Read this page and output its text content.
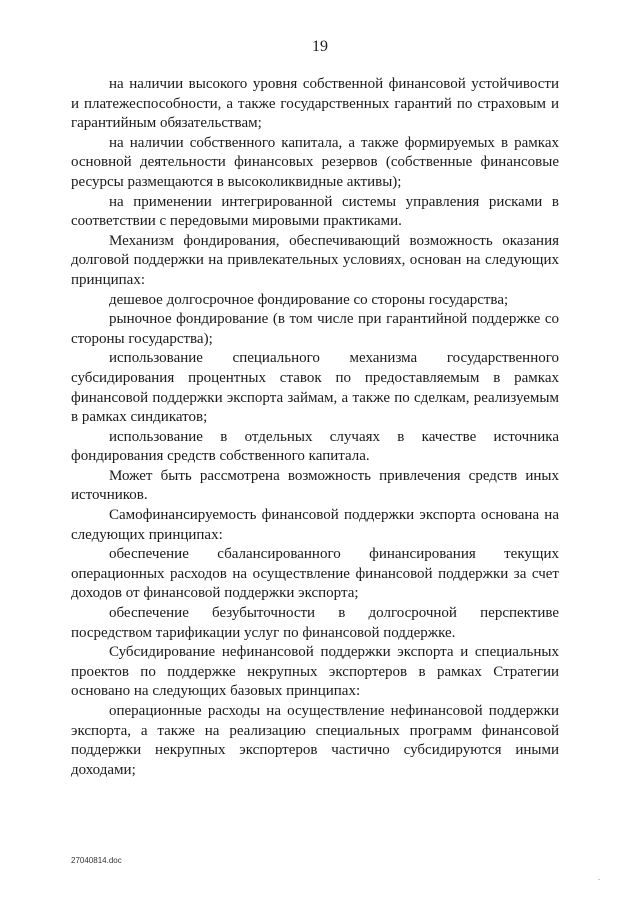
19

на наличии высокого уровня собственной финансовой устойчивости и платежеспособности, а также государственных гарантий по страховым и гарантийным обязательствам;

на наличии собственного капитала, а также формируемых в рамках основной деятельности финансовых резервов (собственные финансовые ресурсы размещаются в высоколиквидные активы);

на применении интегрированной системы управления рисками в соответствии с передовыми мировыми практиками.

Механизм фондирования, обеспечивающий возможность оказания долговой поддержки на привлекательных условиях, основан на следующих принципах:

дешевое долгосрочное фондирование со стороны государства;

рыночное фондирование (в том числе при гарантийной поддержке со стороны государства);

использование специального механизма государственного субсидирования процентных ставок по предоставляемым в рамках финансовой поддержки экспорта займам, а также по сделкам, реализуемым в рамках синдикатов;

использование в отдельных случаях в качестве источника фондирования средств собственного капитала.

Может быть рассмотрена возможность привлечения средств иных источников.

Самофинансируемость финансовой поддержки экспорта основана на следующих принципах:

обеспечение сбалансированного финансирования текущих операционных расходов на осуществление финансовой поддержки за счет доходов от финансовой поддержки экспорта;

обеспечение безубыточности в долгосрочной перспективе посредством тарификации услуг по финансовой поддержке.

Субсидирование нефинансовой поддержки экспорта и специальных проектов по поддержке некрупных экспортеров в рамках Стратегии основано на следующих базовых принципах:

операционные расходы на осуществление нефинансовой поддержки экспорта, а также на реализацию специальных программ финансовой поддержки некрупных экспортеров частично субсидируются иными доходами;

27040814.doc
.
